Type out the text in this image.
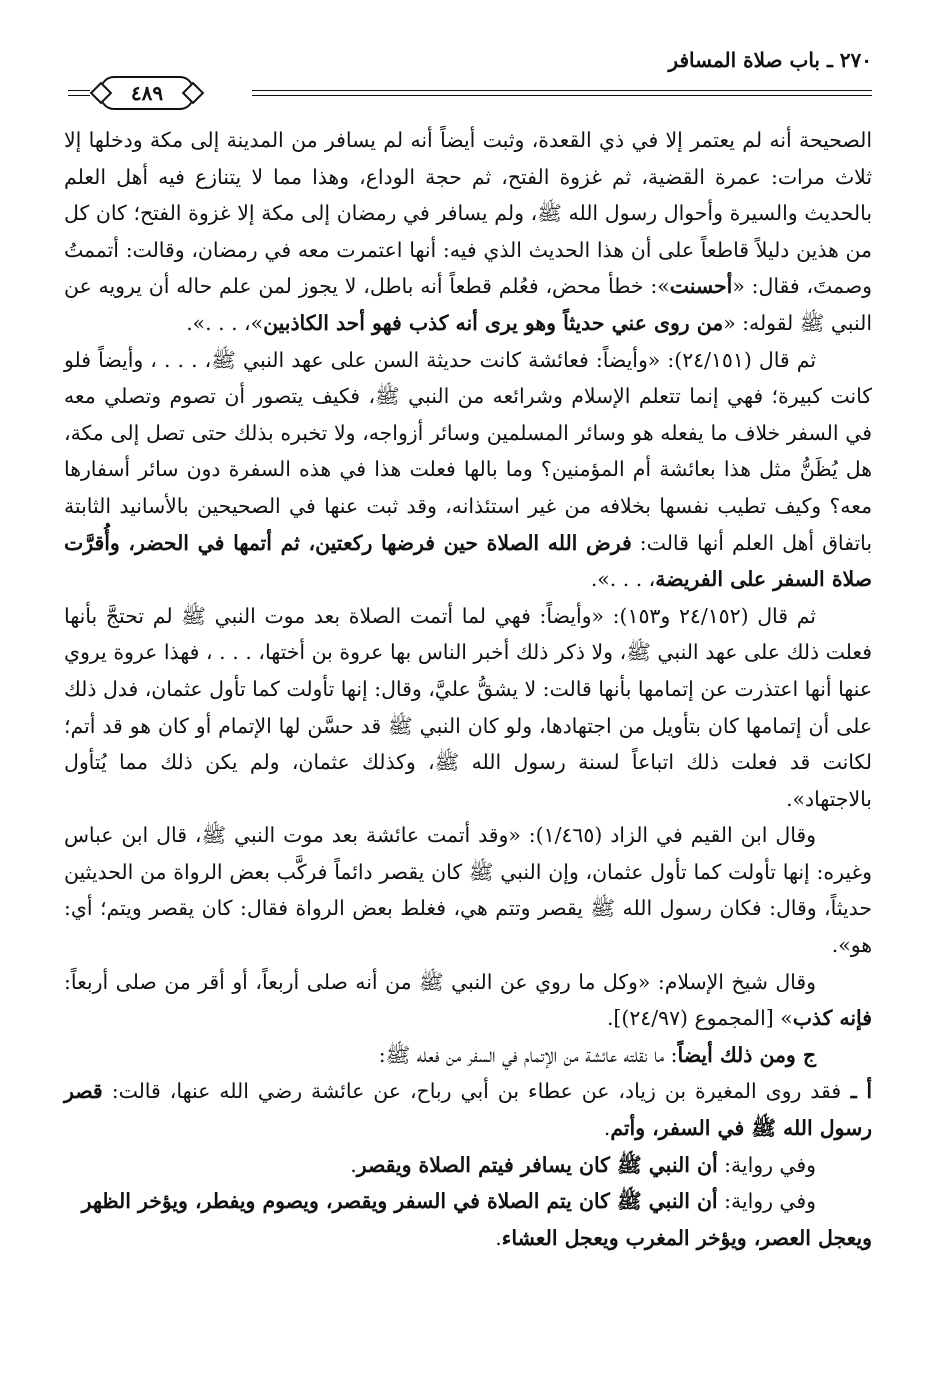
٢٧٠ ـ باب صلاة المسافر
٤٨٩

الصحيحة أنه لم يعتمر إلا في ذي القعدة، وثبت أيضاً أنه لم يسافر من المدينة إلى مكة ودخلها إلا ثلاث مرات: عمرة القضية، ثم غزوة الفتح، ثم حجة الوداع، وهذا مما لا يتنازع فيه أهل العلم بالحديث والسيرة وأحوال رسول الله ﷺ، ولم يسافر في رمضان إلى مكة إلا غزوة الفتح؛ كان كل من هذين دليلاً قاطعاً على أن هذا الحديث الذي فيه: أنها اعتمرت معه في رمضان، وقالت: أتممتُ وصمتَ، فقال: «أحسنت»: خطأ محض، فعُلم قطعاً أنه باطل، لا يجوز لمن علم حاله أن يرويه عن النبي ﷺ لقوله: «من روى عني حديثاً وهو يرى أنه كذب فهو أحد الكاذبين»، . . .».

ثم قال (٢٤/١٥١): «وأيضاً: فعائشة كانت حديثة السن على عهد النبي ﷺ، . . . ، وأيضاً فلو كانت كبيرة؛ فهي إنما تتعلم الإسلام وشرائعه من النبي ﷺ، فكيف يتصور أن تصوم وتصلي معه في السفر خلاف ما يفعله هو وسائر المسلمين وسائر أزواجه، ولا تخبره بذلك حتى تصل إلى مكة، هل يُظَنُّ مثل هذا بعائشة أم المؤمنين؟ وما بالها فعلت هذا في هذه السفرة دون سائر أسفارها معه؟ وكيف تطيب نفسها بخلافه من غير استئذانه، وقد ثبت عنها في الصحيحين بالأسانيد الثابتة باتفاق أهل العلم أنها قالت: فرض الله الصلاة حين فرضها ركعتين، ثم أتمها في الحضر، وأُقرَّت صلاة السفر على الفريضة، . . .».

ثم قال (٢٤/١٥٢ و١٥٣): «وأيضاً: فهي لما أتمت الصلاة بعد موت النبي ﷺ لم تحتجَّ بأنها فعلت ذلك على عهد النبي ﷺ، ولا ذكر ذلك أخبر الناس بها عروة بن أختها، . . . ، فهذا عروة يروي عنها أنها اعتذرت عن إتمامها بأنها قالت: لا يشقُّ عليَّ، وقال: إنها تأولت كما تأول عثمان، فدل ذلك على أن إتمامها كان بتأويل من اجتهادها، ولو كان النبي ﷺ قد حسَّن لها الإتمام أو كان هو قد أتم؛ لكانت قد فعلت ذلك اتباعاً لسنة رسول الله ﷺ، وكذلك عثمان، ولم يكن ذلك مما يُتأول بالاجتهاد».

وقال ابن القيم في الزاد (١/٤٦٥): «وقد أتمت عائشة بعد موت النبي ﷺ، قال ابن عباس وغيره: إنها تأولت كما تأول عثمان، وإن النبي ﷺ كان يقصر دائماً فركَّب بعض الرواة من الحديثين حديثاً، وقال: فكان رسول الله ﷺ يقصر وتتم هي، فغلط بعض الرواة فقال: كان يقصر ويتم؛ أي: هو».

وقال شيخ الإسلام: «وكل ما روي عن النبي ﷺ من أنه صلى أربعاً، أو أقر من صلى أربعاً: فإنه كذب» [المجموع (٢٤/٩٧)].

ج ومن ذلك أيضاً: ما نقلته عائشة من الإتمام في السفر من فعله ﷺ:

أ ـ فقد روى المغيرة بن زياد، عن عطاء بن أبي رباح، عن عائشة رضي الله عنها، قالت: قصر رسول الله ﷺ في السفر، وأتم.

وفي رواية: أن النبي ﷺ كان يسافر فيتم الصلاة ويقصر.

وفي رواية: أن النبي ﷺ كان يتم الصلاة في السفر ويقصر، ويصوم ويفطر، ويؤخر الظهر ويعجل العصر، ويؤخر المغرب ويعجل العشاء.
